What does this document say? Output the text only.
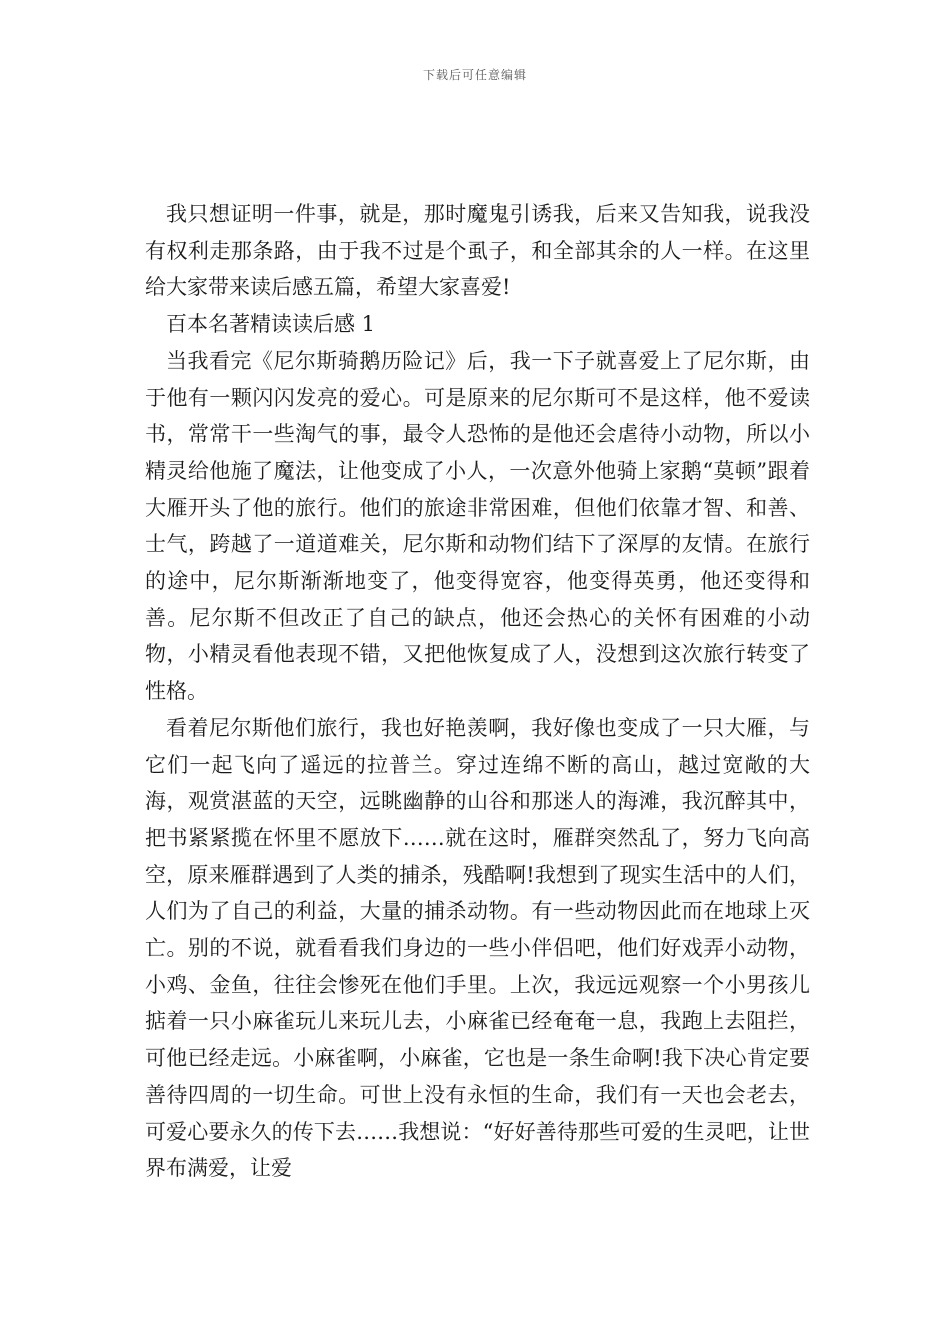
下载后可任意编辑

我只想证明一件事，就是，那时魔鬼引诱我，后来又告知我，说我没有权利走那条路，由于我不过是个虱子，和全部其余的人一样。在这里给大家带来读后感五篇，希望大家喜爱!

百本名著精读读后感 1

当我看完《尼尔斯骑鹅历险记》后，我一下子就喜爱上了尼尔斯，由于他有一颗闪闪发亮的爱心。可是原来的尼尔斯可不是这样，他不爱读书，常常干一些淘气的事，最令人恐怖的是他还会虐待小动物，所以小精灵给他施了魔法，让他变成了小人，一次意外他骑上家鹅“莫顿”跟着大雁开头了他的旅行。他们的旅途非常困难，但他们依靠才智、和善、士气，跨越了一道道难关，尼尔斯和动物们结下了深厚的友情。在旅行的途中，尼尔斯渐渐地变了，他变得宽容，他变得英勇，他还变得和善。尼尔斯不但改正了自己的缺点，他还会热心的关怀有困难的小动物，小精灵看他表现不错，又把他恢复成了人，没想到这次旅行转变了性格。

看着尼尔斯他们旅行，我也好艳羡啊，我好像也变成了一只大雁，与它们一起飞向了遥远的拉普兰。穿过连绵不断的高山，越过宽敞的大海，观赏湛蓝的天空，远眺幽静的山谷和那迷人的海滩，我沉醉其中，把书紧紧揽在怀里不愿放下……就在这时，雁群突然乱了，努力飞向高空，原来雁群遇到了人类的捕杀，残酷啊!我想到了现实生活中的人们，人们为了自己的利益，大量的捕杀动物。有一些动物因此而在地球上灭亡。别的不说，就看看我们身边的一些小伴侣吧，他们好戏弄小动物，小鸡、金鱼，往往会惨死在他们手里。上次，我远远观察一个小男孩儿掂着一只小麻雀玩儿来玩儿去，小麻雀已经奄奄一息，我跑上去阻拦，可他已经走远。小麻雀啊，小麻雀，它也是一条生命啊!我下决心肯定要善待四周的一切生命。可世上没有永恒的生命，我们有一天也会老去，可爱心要永久的传下去……我想说：“好好善待那些可爱的生灵吧，让世界布满爱，让爱
